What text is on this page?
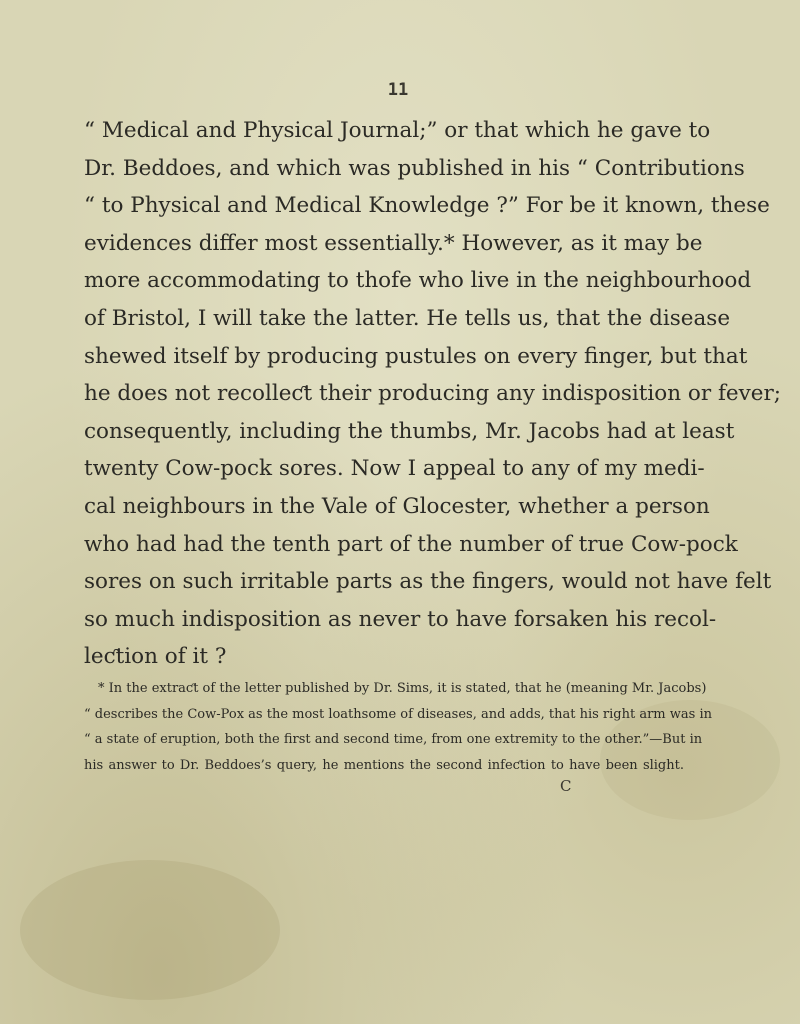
11
“ Medical and Physical Journal;” or that which he gave to
Dr. Beddoes, and which was published in his “ Contributions
“ to Physical and Medical Knowledge ?” For be it known, these
evidences differ most essentially.* However, as it may be
more accommodating to thofe who live in the neighbourhood
of Bristol, I will take the latter. He tells us, that the disease
shewed itself by producing pustules on every finger, but that
he does not recolleƈt their producing any indisposition or fever;
consequently, including the thumbs, Mr. Jacobs had at least
twenty Cow-pock sores. Now I appeal to any of my medi-
cal neighbours in the Vale of Glocester, whether a person
who had had the tenth part of the number of true Cow-pock
sores on such irritable parts as the fingers, would not have felt
so much indisposition as never to have forsaken his recol-
leƈtion of it ?
* In the extraƈt of the letter published by Dr. Sims, it is stated, that he (meaning Mr. Jacobs)
“ describes the Cow-Pox as the most loathsome of diseases, and adds, that his right arm was in
“ a state of eruption, both the first and second time, from one extremity to the other.”—But in
his answer to Dr. Beddoes’s query, he mentions the second infeƈtion to have been slight.
C
